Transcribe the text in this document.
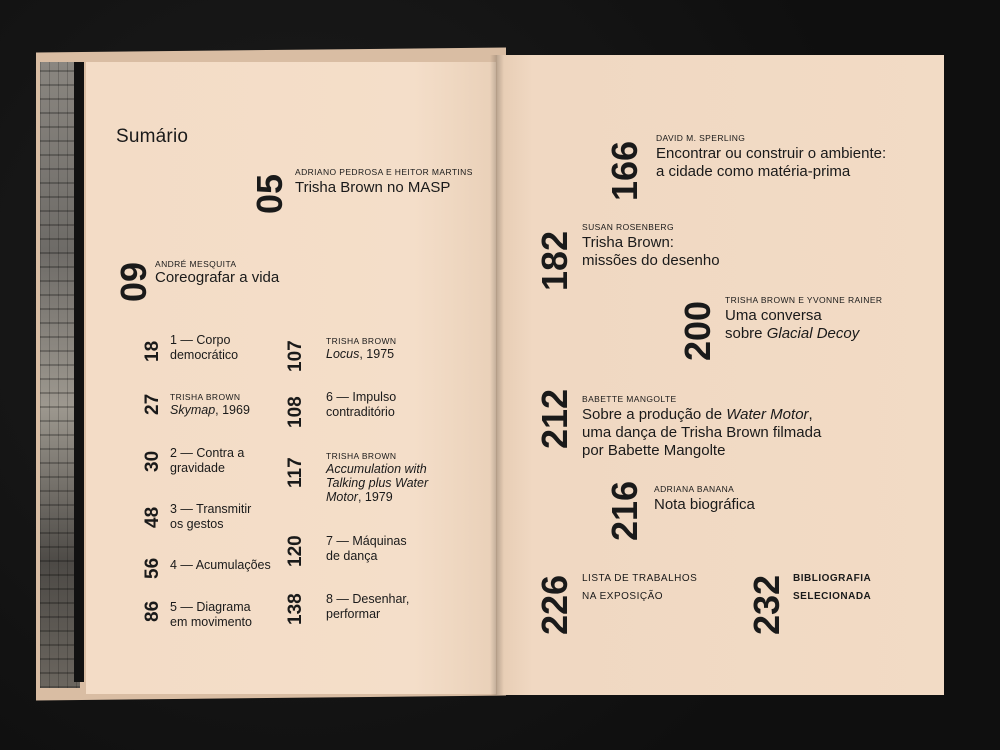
Sumário
05
ADRIANO PEDROSA E HEITOR MARTINS
Trisha Brown no MASP
09 ANDRÉ MESQUITA
Coreografar a vida
18
1 — Corpo
democrático
27 TRISHA BROWN
Skymap, 1969
30 2 — Contra a
gravidade
48 3 — Transmitir
os gestos
56 4 — Acumulações
86 5 — Diagrama
em movimento
107 TRISHA BROWN
Locus, 1975
108 6 — Impulso
contraditório
117
TRISHA BROWN
Accumulation with
Talking plus Water
Motor, 1979
120 7 — Máquinas
de dança
138 8 — Desenhar,
performar
166
DAVID M. SPERLING
Encontrar ou construir o ambiente:
a cidade como matéria-prima
182
SUSAN ROSENBERG
Trisha Brown:
missões do desenho
200
TRISHA BROWN E YVONNE RAINER
Uma conversa
sobre Glacial Decoy
212 BABETTE MANGOLTE
Sobre a produção de Water Motor,
uma dança de Trisha Brown filmada
por Babette Mangolte
216 ADRIANA BANANA
Nota biográfica
226 LISTA DE TRABALHOS
NA EXPOSIÇÃO 232 BIBLIOGRAFIA
SELECIONADA
